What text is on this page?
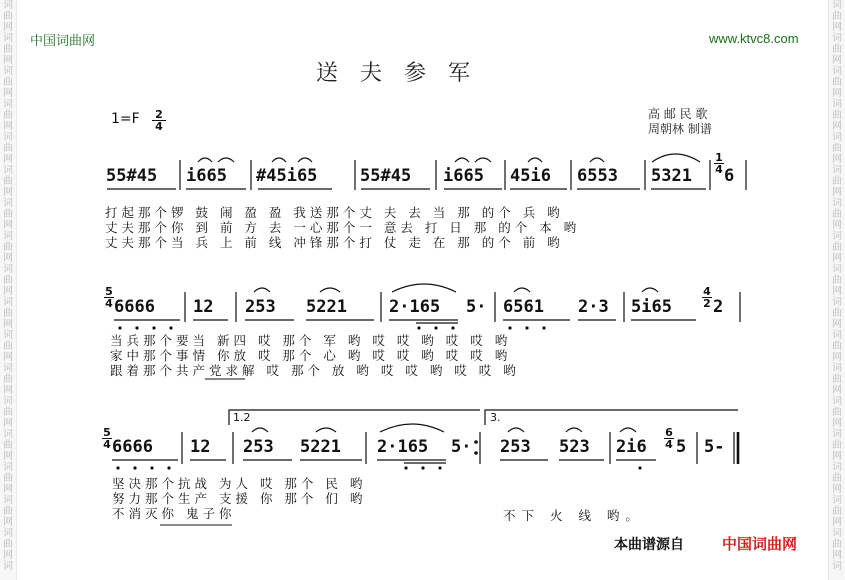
词
曲
网
词
曲
网
词
曲
网
词
曲
网
词
曲
网
词
曲
网
词
曲
网
词
曲
网
词
曲
网
词
曲
网
词
曲
网
词
曲
网
词
曲
网
词
曲
网
词
曲
网
词
曲
网
词
曲
网
词
词
曲
网
词
曲
网
词
曲
网
词
曲
网
词
曲
网
词
曲
网
词
曲
网
词
曲
网
词
曲
网
词
曲
网
词
曲
网
词
曲
网
词
曲
网
词
曲
网
词
曲
网
词
曲
网
词
曲
网
词
中国词曲网	www.ktvc8.com
送夫参军
$1=F \frac{2}{4}$	高 邮 民 歌
周朝林 制谱
55#45 i665 #45i65	55#45 i665 45i6 6553 5321
$\frac{1}{4}$
6
打起那个锣 鼓 闹 盈 盈 我送那个丈 夫 去 当 那 的个 兵 哟
丈夫那个你 到 前 方 去 一心那个一 意去 打 日 那 的个 本 哟
丈夫那个当 兵 上 前 线 冲锋那个打 仗 走 在 那 的个 前 哟
$\frac{5}{4} 6666$ 12 253 5221 2·165 5· 6561 2·3 5i65	$\frac{4}{2} 2$
当兵那个要当 新四 哎 那个 军 哟 哎 哎 哟 哎 哎 哟
家中那个事情 你放 哎 那个 心 哟 哎 哎 哟 哎 哎 哟
跟着那个共产党求解 哎 那个 放 哟 哎 哎 哟 哎 哎 哟
1.2	3.
$\frac{5}{4} 6666$ 12 253 5221 2·165 5· 253 523 $2i6 \frac{6}{4} 5$ 5-
坚决那个抗战 为人 哎 那个 民 哟
努力那个生产 支援 你 那个 们 哟
不消灭你 鬼子你	不下 火 线 哟。
本曲谱源自	中国词曲网
